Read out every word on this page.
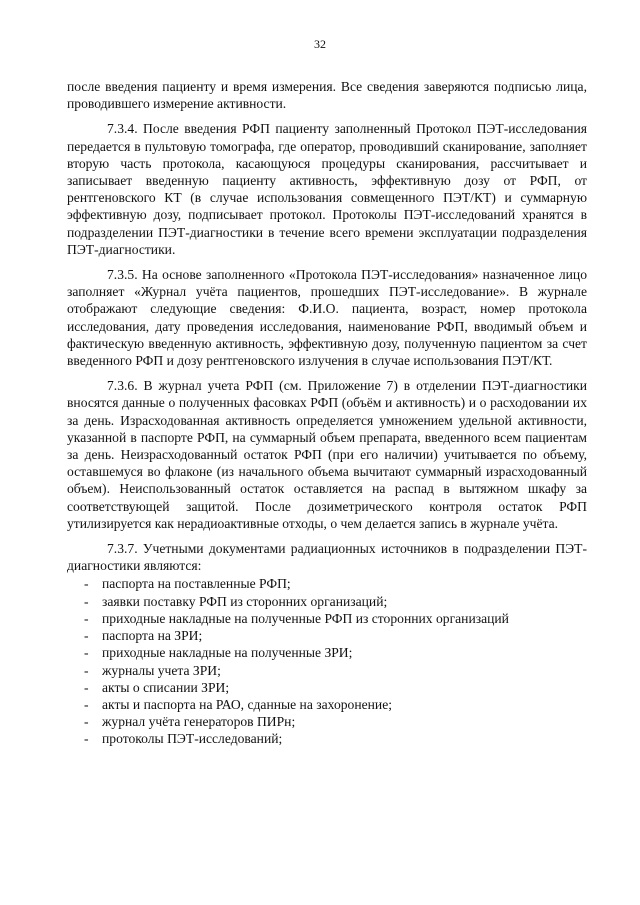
32

после введения пациенту и время измерения. Все сведения заверяются подписью лица, проводившего измерение активности.

7.3.4. После введения РФП пациенту заполненный Протокол ПЭТ-исследования передается в пультовую томографа, где оператор, проводивший сканирование, заполняет вторую часть протокола, касающуюся процедуры сканирования, рассчитывает и записывает введенную пациенту активность, эффективную дозу от РФП, от рентгеновского КТ (в случае использования совмещенного ПЭТ/КТ) и суммарную эффективную дозу, подписывает протокол. Протоколы ПЭТ-исследований хранятся в подразделении ПЭТ-диагностики в течение всего времени эксплуатации подразделения ПЭТ-диагностики.

7.3.5. На основе заполненного «Протокола ПЭТ-исследования» назначенное лицо заполняет «Журнал учёта пациентов, прошедших ПЭТ-исследование». В журнале отображают следующие сведения: Ф.И.О. пациента, возраст, номер протокола исследования, дату проведения исследования, наименование РФП, вводимый объем и фактическую введенную активность, эффективную дозу, полученную пациентом за счет введенного РФП и дозу рентгеновского излучения в случае использования ПЭТ/КТ.

7.3.6. В журнал учета РФП (см. Приложение 7) в отделении ПЭТ-диагностики вносятся данные о полученных фасовках РФП (объём и активность) и о расходовании их за день. Израсходованная активность определяется умножением удельной активности, указанной в паспорте РФП, на суммарный объем препарата, введенного всем пациентам за день. Неизрасходованный остаток РФП (при его наличии) учитывается по объему, оставшемуся во флаконе (из начального объема вычитают суммарный израсходованный объем). Неиспользованный остаток оставляется на распад в вытяжном шкафу за соответствующей защитой. После дозиметрического контроля остаток РФП утилизируется как нерадиоактивные отходы, о чем делается запись в журнале учёта.

7.3.7. Учетными документами радиационных источников в подразделении ПЭТ-диагностики являются:

- паспорта на поставленные РФП;
- заявки поставку РФП из сторонних организаций;
- приходные накладные на полученные РФП из сторонних организаций
- паспорта на ЗРИ;
- приходные накладные на полученные ЗРИ;
- журналы учета ЗРИ;
- акты о списании ЗРИ;
- акты и паспорта на РАО, сданные на захоронение;
- журнал учёта генераторов ПИРн;
- протоколы ПЭТ-исследований;
